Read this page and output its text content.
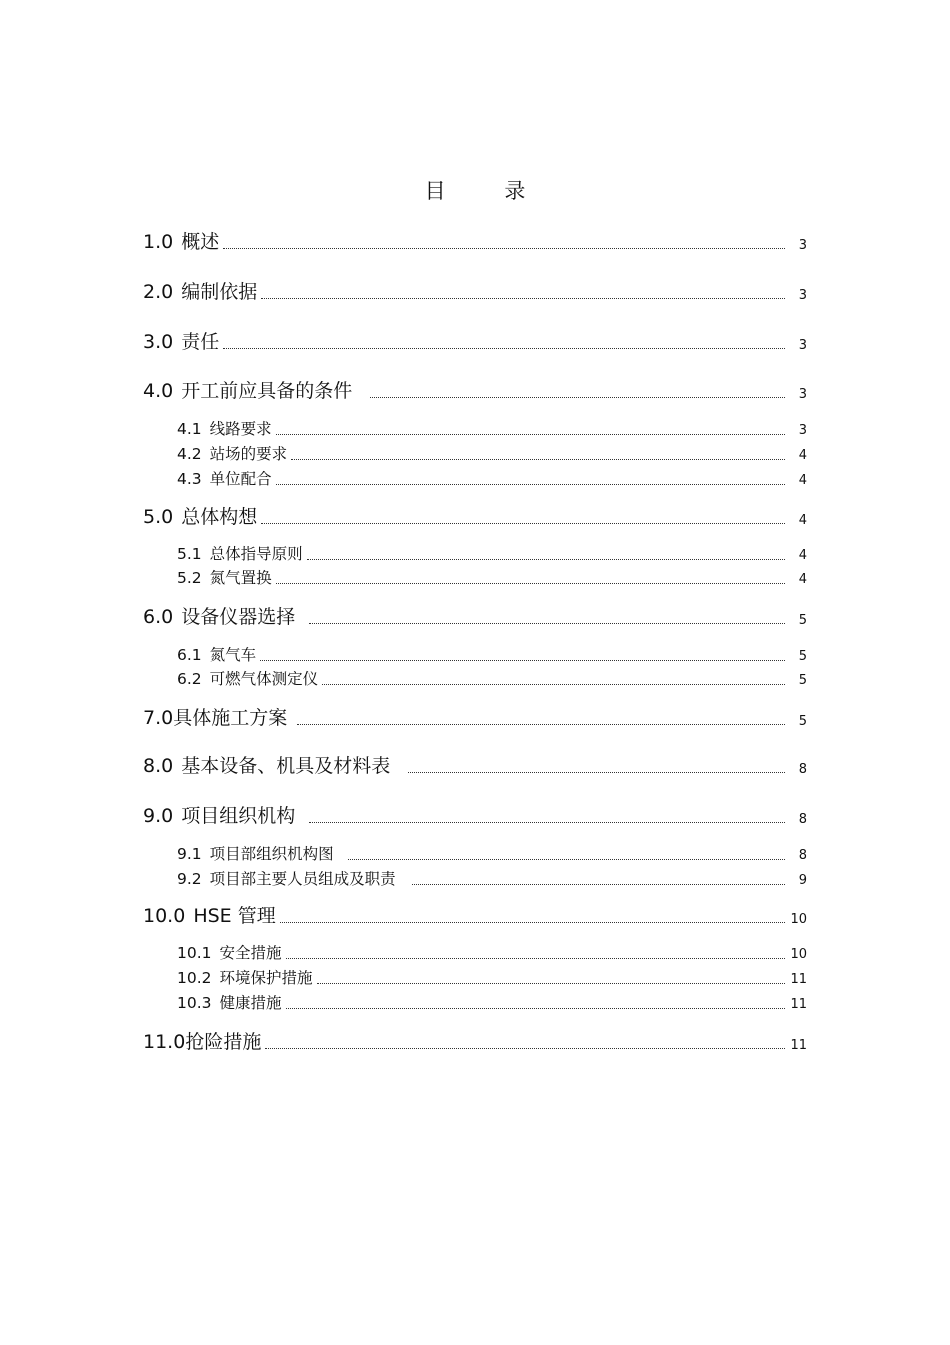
目 录
1.0 概述	3
2.0 编制依据	3
3.0 责任	3
4.0 开工前应具备的条件	3
4.1 线路要求	3
4.2 站场的要求	4
4.3 单位配合	4
5.0 总体构想	4
5.1 总体指导原则	4
5.2 氮气置换	4
6.0 设备仪器选择	5
6.1 氮气车	5
6.2 可燃气体测定仪	5
7.0 具体施工方案	5
8.0 基本设备、机具及材料表	8
9.0 项目组织机构	8
9.1 项目部组织机构图	8
9.2 项目部主要人员组成及职责	9
10.0 HSE 管理	10
10.1 安全措施	10
10.2 环境保护措施	11
10.3 健康措施	11
11.0 抢险措施	11
